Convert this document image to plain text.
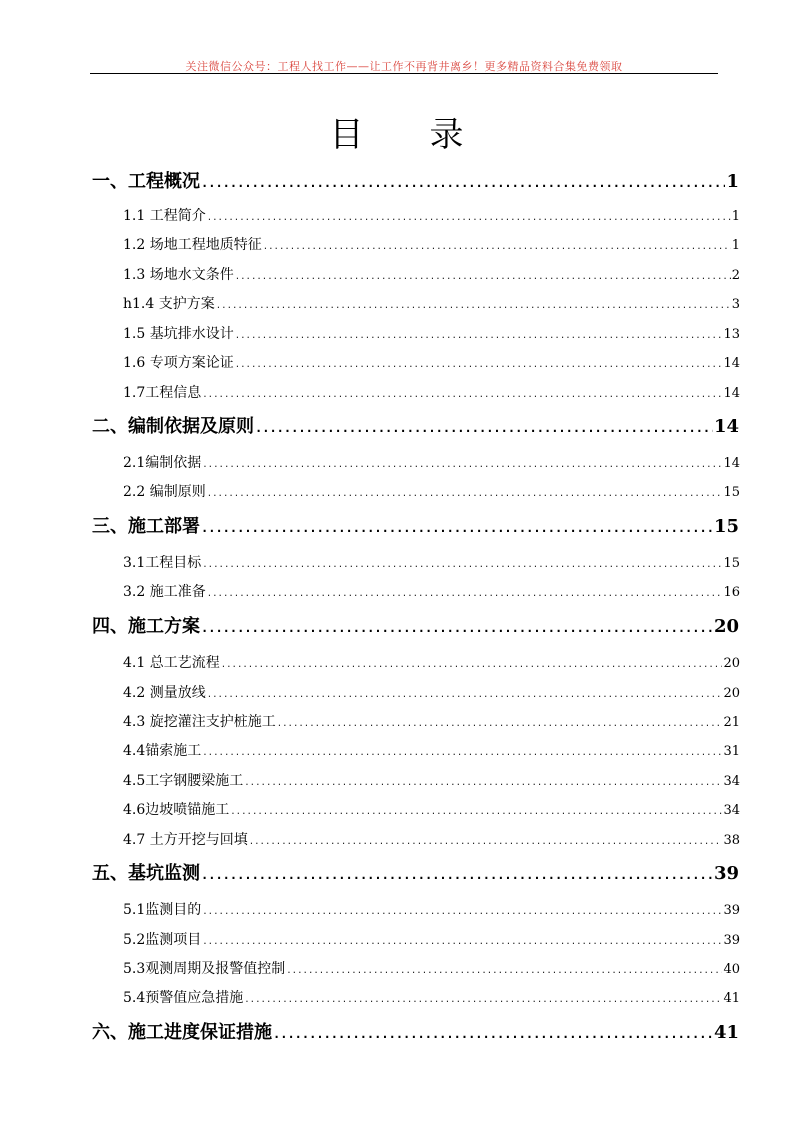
关注微信公众号：工程人找工作——让工作不再背井离乡！更多精品资料合集免费领取
目 录
一、工程概况 .....	1
1.1 工程简介 .....	1
1.2 场地工程地质特征 .....	1
1.3 场地水文条件 .....	2
h1.4 支护方案 .....	3
1.5 基坑排水设计 .....	13
1.6 专项方案论证 .....	14
1.7工程信息 .....	14
二、编制依据及原则 .....	14
2.1编制依据 .....	14
2.2 编制原则 .....	15
三、施工部署 .....	15
3.1工程目标 .....	15
3.2 施工准备 .....	16
四、施工方案 .....	20
4.1 总工艺流程 .....	20
4.2 测量放线 .....	20
4.3 旋挖灌注支护桩施工 .....	21
4.4锚索施工 .....	31
4.5工字钢腰梁施工 .....	34
4.6边坡喷锚施工 .....	34
4.7 土方开挖与回填 .....	38
五、基坑监测 .....	39
5.1监测目的 .....	39
5.2监测项目 .....	39
5.3观测周期及报警值控制 .....	40
5.4预警值应急措施 .....	41
六、施工进度保证措施 .....	41
